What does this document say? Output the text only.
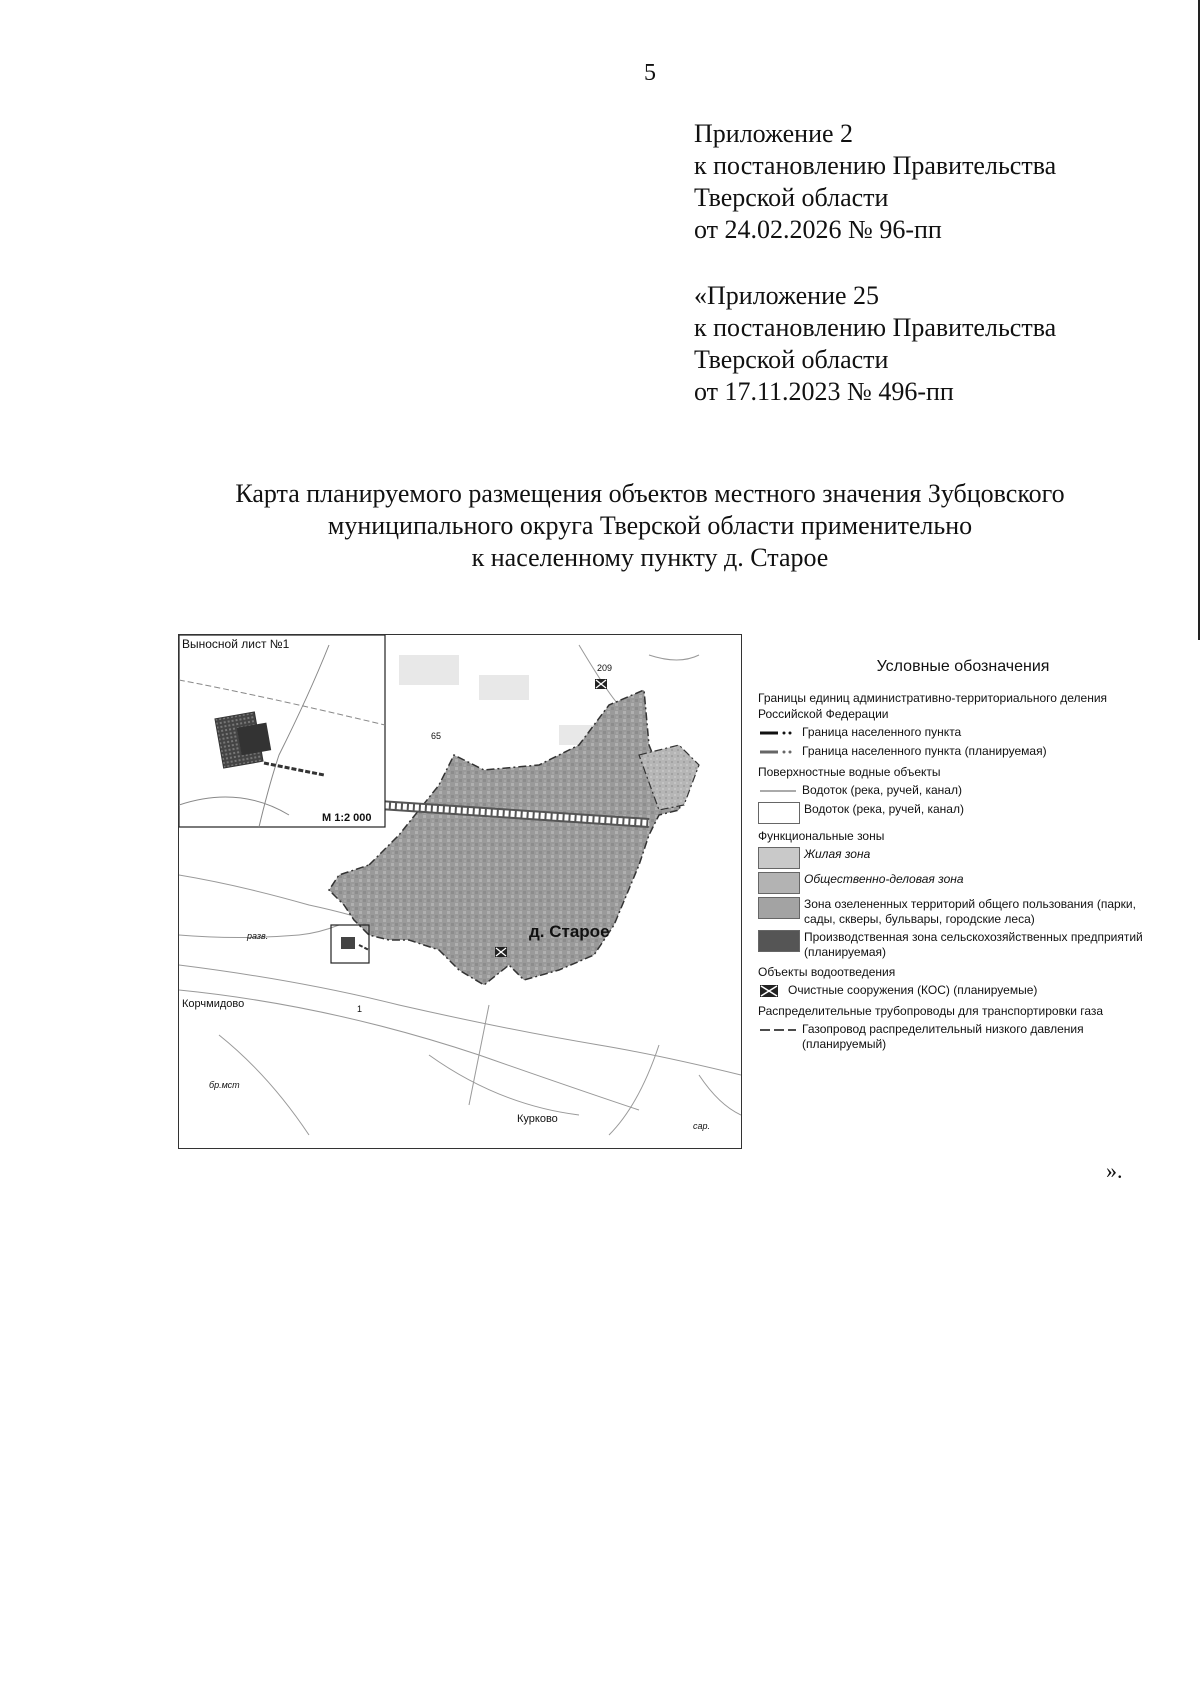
5
Приложение 2
к постановлению Правительства
Тверской области
от 24.02.2026 № 96-пп
«Приложение 25
к постановлению Правительства
Тверской области
от 17.11.2023 № 496-пп
Карта планируемого размещения объектов местного значения Зубцовского
муниципального округа Тверской области применительно
к населенному пункту д. Старое
Выносной лист №1
М 1:2 000
д. Старое
Корчмидово
Курково
209
65
разв.
бр.мст
сар.
1
Условные обозначения
Границы единиц административно-территориального деления Российской Федерации
Граница населенного пункта
Граница населенного пункта (планируемая)
Поверхностные водные объекты
Водоток (река, ручей, канал)
Водоток (река, ручей, канал)
Функциональные зоны
Жилая зона
Общественно-деловая зона
Зона озелененных территорий общего пользования (парки, сады, скверы, бульвары, городские леса)
Производственная зона сельскохозяйственных предприятий (планируемая)
Объекты водоотведения
Очистные сооружения (КОС) (планируемые)
Распределительные трубопроводы для транспортировки газа
Газопровод распределительный низкого давления (планируемый)
».
